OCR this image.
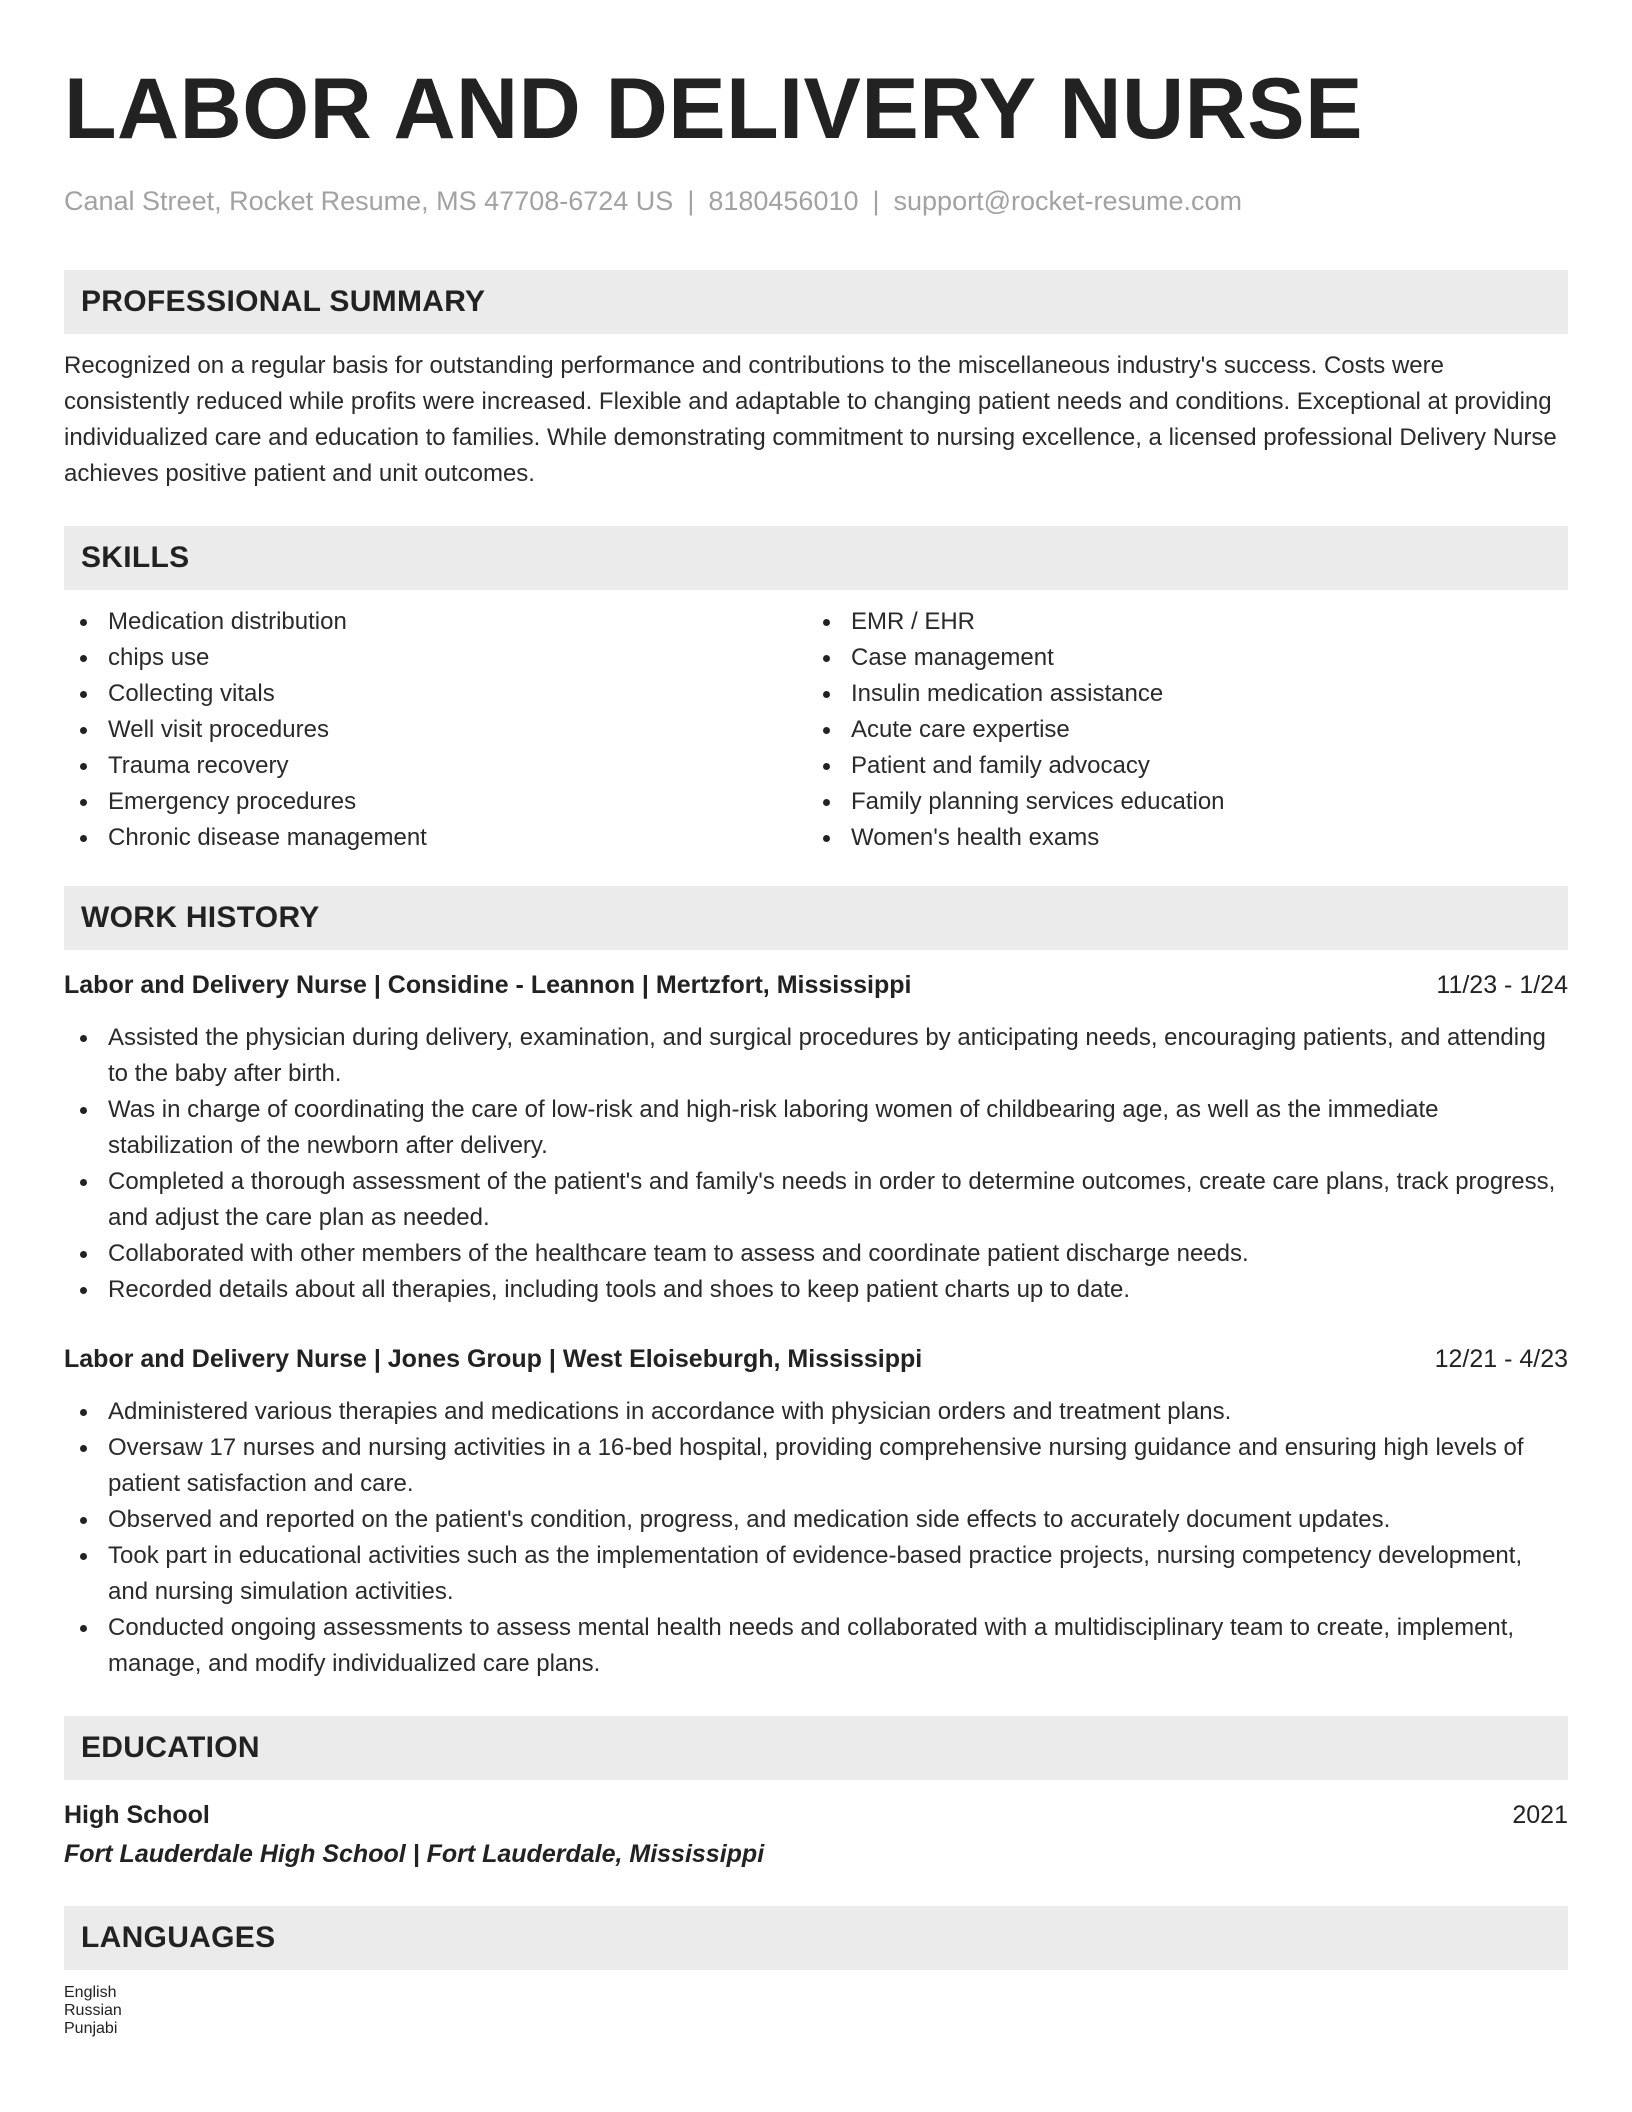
LABOR AND DELIVERY NURSE
Canal Street, Rocket Resume, MS 47708-6724 US | 8180456010 | support@rocket-resume.com
PROFESSIONAL SUMMARY

Recognized on a regular basis for outstanding performance and contributions to the miscellaneous industry's success. Costs were consistently reduced while profits were increased. Flexible and adaptable to changing patient needs and conditions. Exceptional at providing individualized care and education to families. While demonstrating commitment to nursing excellence, a licensed professional Delivery Nurse achieves positive patient and unit outcomes.

SKILLS
Medication distribution
chips use
Collecting vitals
Well visit procedures
Trauma recovery
Emergency procedures
Chronic disease management
EMR / EHR
Case management
Insulin medication assistance
Acute care expertise
Patient and family advocacy
Family planning services education
Women's health exams
WORK HISTORY
Labor and Delivery Nurse | Considine - Leannon | Mertzfort, Mississippi	11/23 - 1/24
Assisted the physician during delivery, examination, and surgical procedures by anticipating needs, encouraging patients, and attending to the baby after birth.
Was in charge of coordinating the care of low-risk and high-risk laboring women of childbearing age, as well as the immediate stabilization of the newborn after delivery.
Completed a thorough assessment of the patient's and family's needs in order to determine outcomes, create care plans, track progress, and adjust the care plan as needed.
Collaborated with other members of the healthcare team to assess and coordinate patient discharge needs.
Recorded details about all therapies, including tools and shoes to keep patient charts up to date.
Labor and Delivery Nurse | Jones Group | West Eloiseburgh, Mississippi	12/21 - 4/23
Administered various therapies and medications in accordance with physician orders and treatment plans.
Oversaw 17 nurses and nursing activities in a 16-bed hospital, providing comprehensive nursing guidance and ensuring high levels of patient satisfaction and care.
Observed and reported on the patient's condition, progress, and medication side effects to accurately document updates.
Took part in educational activities such as the implementation of evidence-based practice projects, nursing competency development, and nursing simulation activities.
Conducted ongoing assessments to assess mental health needs and collaborated with a multidisciplinary team to create, implement, manage, and modify individualized care plans.
EDUCATION
High School	2021
Fort Lauderdale High School | Fort Lauderdale, Mississippi
LANGUAGES
English
Russian
Punjabi
